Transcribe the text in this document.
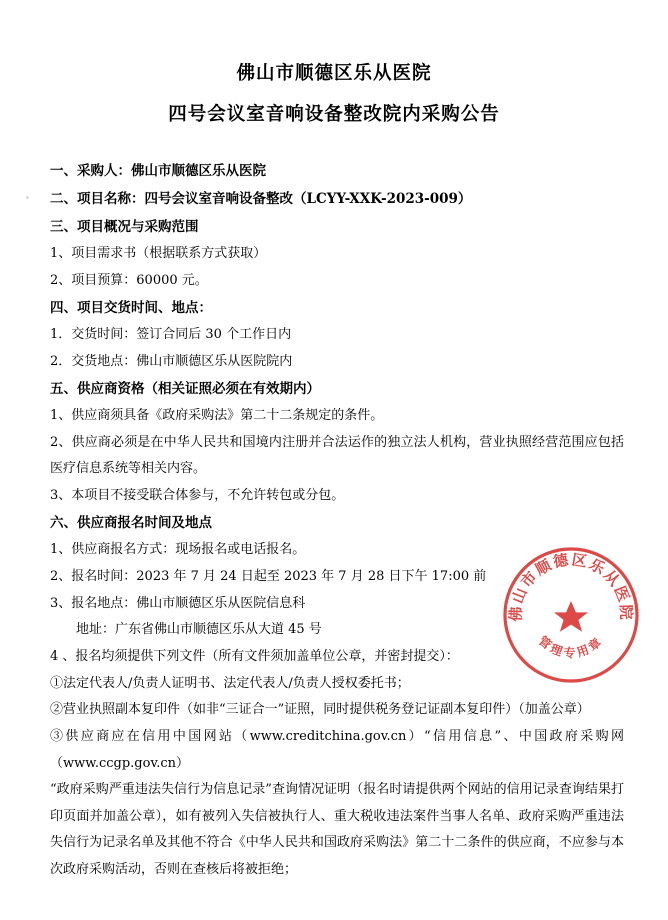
佛山市顺德区乐从医院
四号会议室音响设备整改院内采购公告

一、采购人：佛山市顺德区乐从医院

二、项目名称：四号会议室音响设备整改（LCYY-XXK-2023-009）

三、项目概况与采购范围

1、项目需求书（根据联系方式获取）

2、项目预算：60000 元。

四、项目交货时间、地点：

1．交货时间：签订合同后 30 个工作日内

2．交货地点：佛山市顺德区乐从医院院内

五、供应商资格（相关证照必须在有效期内）

1、供应商须具备《政府采购法》第二十二条规定的条件。

2、供应商必须是在中华人民共和国境内注册并合法运作的独立法人机构，营业执照经营范围应包括医疗信息系统等相关内容。

3、本项目不接受联合体参与，不允许转包或分包。

六、供应商报名时间及地点

1、供应商报名方式：现场报名或电话报名。

2、报名时间：2023 年 7 月 24 日起至 2023 年 7 月 28 日下午 17:00 前

3、报名地点：佛山市顺德区乐从医院信息科

地址：广东省佛山市顺德区乐从大道 45 号

4 、报名均须提供下列文件（所有文件须加盖单位公章，并密封提交）：

①法定代表人/负责人证明书、法定代表人/负责人授权委托书；

②营业执照副本复印件（如非“三证合一”证照，同时提供税务登记证副本复印件）（加盖公章）

③供应商应在信用中国网站（www.creditchina.gov.cn）“信用信息”、中国政府采购网（www.ccgp.gov.cn）

“政府采购严重违法失信行为信息记录”查询情况证明（报名时请提供两个网站的信用记录查询结果打印页面并加盖公章），如有被列入失信被执行人、重大税收违法案件当事人名单、政府采购严重违法失信行为记录名单及其他不符合《中华人民共和国政府采购法》第二十二条件的供应商，不应参与本次政府采购活动，否则在查核后将被拒绝；

佛山市顺德区乐从医院
管理专用章
